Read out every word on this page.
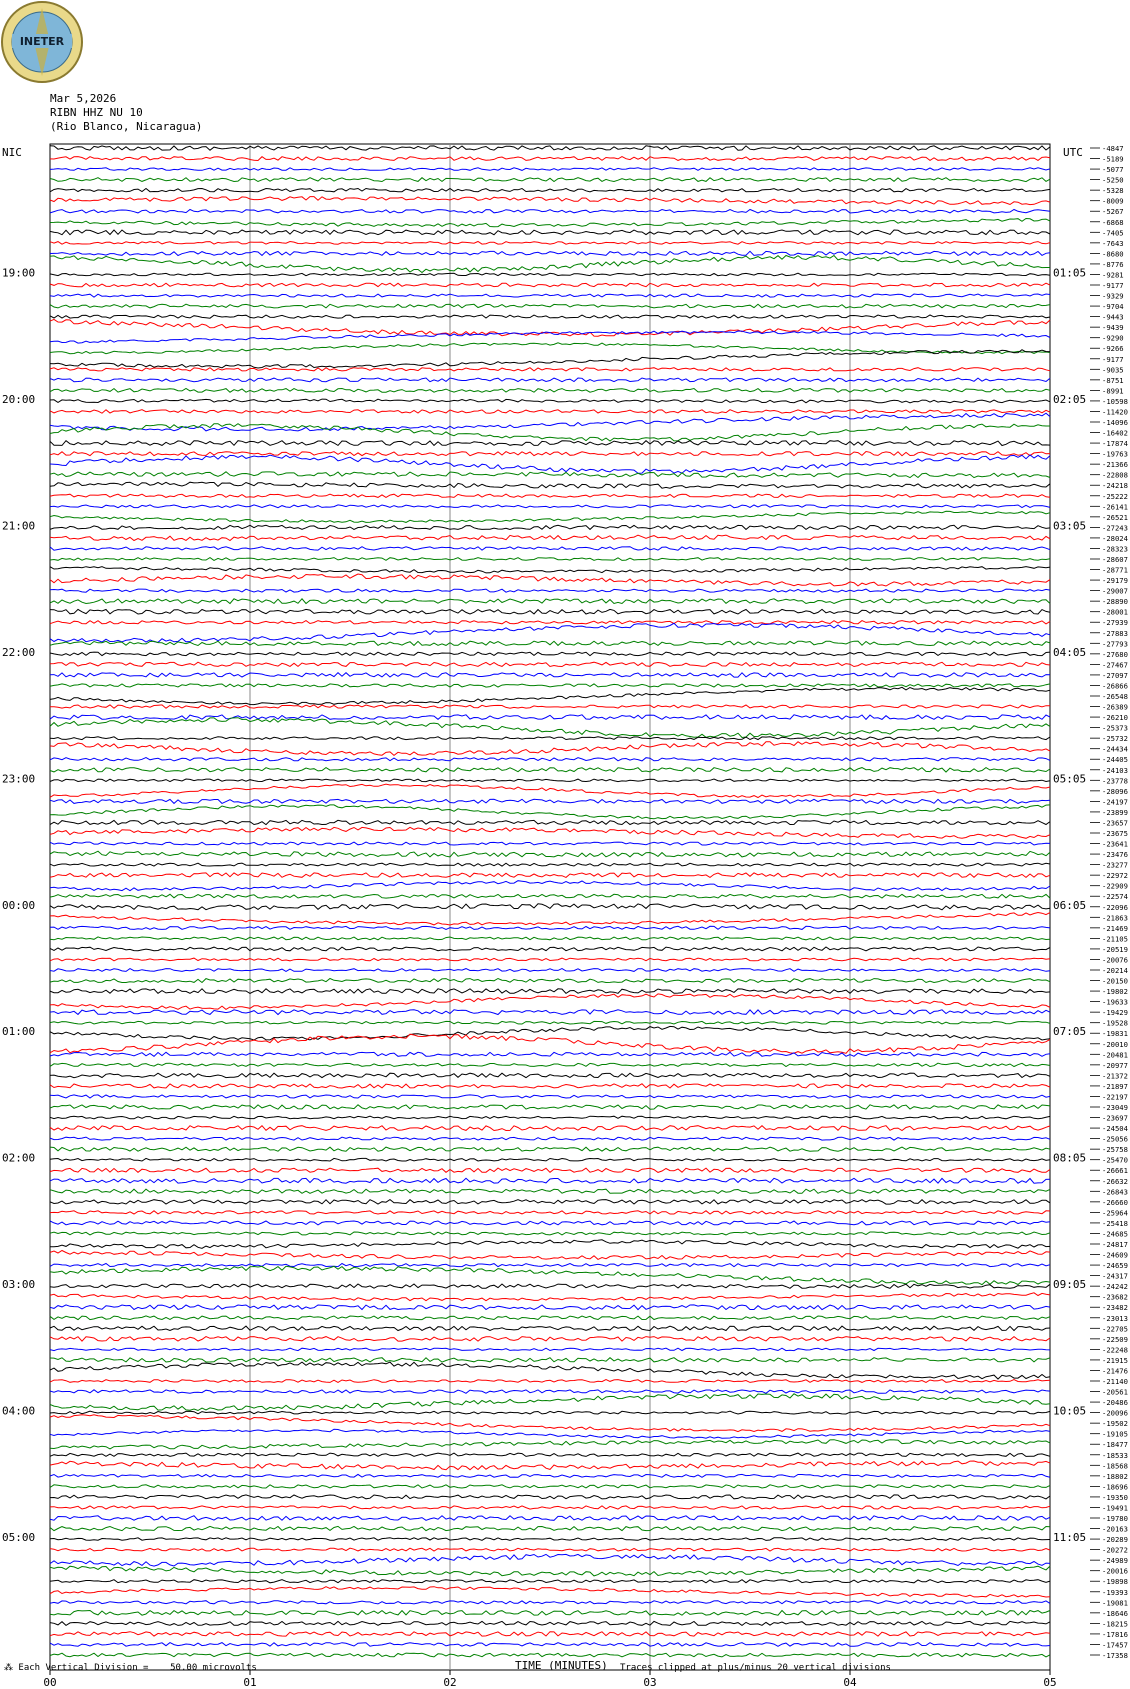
INETER
Mar 5,2026
RIBN HHZ NU 10
(Rio Blanco, Nicaragua)
00	01	02	03	04	05
NIC	UTC
19:00	01:05
20:00	02:05
21:00	03:05
22:00	04:05
23:00	05:05
00:00	06:05
01:00	07:05
02:00	08:05
03:00	09:05
04:00	10:05
05:00	11:05
-4847
-5189
-5077
-5250
-5328
-8009
-5267
-6868
-7405
-7643
-8680
-8776
-9281
-9177
-9329
-9704
-9443
-9439
-9290
-9266
-9177
-9035
-8751
-8991
-10598
-11420
-14096
-16402
-17874
-19763
-21366
-22808
-24218
-25222
-26141
-26521
-27243
-28024
-28323
-28607
-28771
-29179
-29007
-28890
-28001
-27939
-27883
-27793
-27680
-27467
-27097
-26866
-26548
-26389
-26210
-25373
-25732
-24434
-24405
-24103
-23778
-28096
-24197
-23899
-23657
-23675
-23641
-23476
-23277
-22972
-22909
-22574
-22096
-21863
-21469
-21105
-20519
-20076
-20214
-20150
-19802
-19633
-19429
-19528
-19831
-20010
-20481
-20977
-21372
-21897
-22197
-23049
-23697
-24504
-25056
-25758
-25470
-26661
-26632
-26843
-26660
-25964
-25418
-24685
-24817
-24609
-24659
-24317
-24242
-23682
-23482
-23013
-22705
-22509
-22248
-21915
-21476
-21140
-20561
-20486
-20096
-19502
-19105
-18477
-18533
-18568
-18802
-18696
-19350
-19491
-19780
-20163
-20289
-20272
-24989
-20016
-19898
-19393
-19081
-18646
-18215
-17816
-17457
-17358
⁂ Each Vertical Division =    50.00 microvolts	TIME (MINUTES) Traces clipped at plus/minus 20 vertical divisions
